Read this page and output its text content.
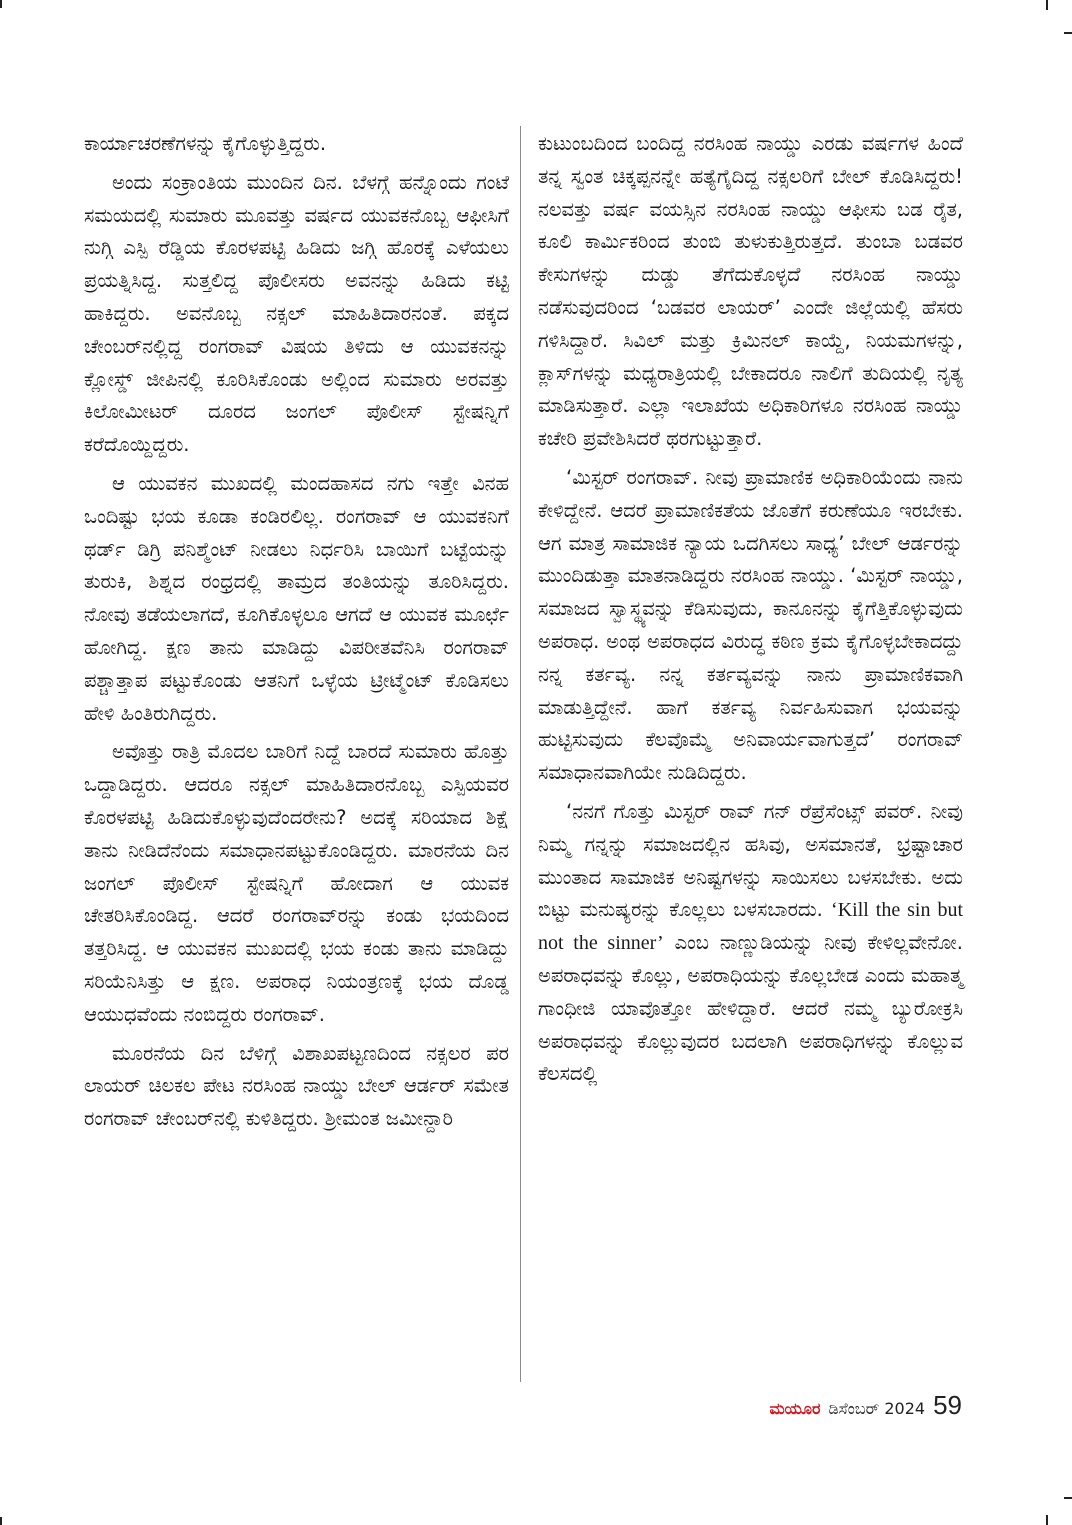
ಕಾರ್ಯಾಚರಣೆಗಳನ್ನು ಕೈಗೊಳ್ಳುತ್ತಿದ್ದರು.

ಅಂದು ಸಂಕ್ರಾಂತಿಯ ಮುಂದಿನ ದಿನ. ಬೆಳಗ್ಗೆ ಹನ್ನೊಂದು ಗಂಟೆ ಸಮಯದಲ್ಲಿ ಸುಮಾರು ಮೂವತ್ತು ವರ್ಷದ ಯುವಕನೊಬ್ಬ ಆಫೀಸಿಗೆ ನುಗ್ಗಿ ಎಸ್ಪಿ ರೆಡ್ಡಿಯ ಕೊರಳಪಟ್ಟಿ ಹಿಡಿದು ಜಗ್ಗಿ ಹೊರಕ್ಕೆ ಎಳೆಯಲು ಪ್ರಯತ್ನಿಸಿದ್ದ. ಸುತ್ತಲಿದ್ದ ಪೊಲೀಸರು ಅವನನ್ನು ಹಿಡಿದು ಕಟ್ಟಿ ಹಾಕಿದ್ದರು. ಅವನೊಬ್ಬ ನಕ್ಸಲ್ ಮಾಹಿತಿದಾರನಂತೆ. ಪಕ್ಕದ ಚೇಂಬರ್‌ನಲ್ಲಿದ್ದ ರಂಗರಾವ್ ವಿಷಯ ತಿಳಿದು ಆ ಯುವಕನನ್ನು ಕ್ಲೋಸ್ಡ್ ಜೀಪಿನಲ್ಲಿ ಕೂರಿಸಿಕೊಂಡು ಅಲ್ಲಿಂದ ಸುಮಾರು ಅರವತ್ತು ಕಿಲೋಮೀಟರ್ ದೂರದ ಜಂಗಲ್ ಪೊಲೀಸ್ ಸ್ಟೇಷನ್ನಿಗೆ ಕರೆದೊಯ್ದಿದ್ದರು.

ಆ ಯುವಕನ ಮುಖದಲ್ಲಿ ಮಂದಹಾಸದ ನಗು ಇತ್ತೇ ವಿನಹ ಒಂದಿಷ್ಟು ಭಯ ಕೂಡಾ ಕಂಡಿರಲಿಲ್ಲ. ರಂಗರಾವ್ ಆ ಯುವಕನಿಗೆ ಥರ್ಡ್ ಡಿಗ್ರಿ ಪನಿಶ್ಮೆಂಟ್ ನೀಡಲು ನಿರ್ಧರಿಸಿ ಬಾಯಿಗೆ ಬಟ್ಟೆಯನ್ನು ತುರುಕಿ, ಶಿಶ್ನದ ರಂಧ್ರದಲ್ಲಿ ತಾಮ್ರದ ತಂತಿಯನ್ನು ತೂರಿಸಿದ್ದರು. ನೋವು ತಡೆಯಲಾಗದೆ, ಕೂಗಿಕೊಳ್ಳಲೂ ಆಗದೆ ಆ ಯುವಕ ಮೂರ್ಛೆ ಹೋಗಿದ್ದ. ಕ್ಷಣ ತಾನು ಮಾಡಿದ್ದು ವಿಪರೀತವೆನಿಸಿ ರಂಗರಾವ್ ಪಶ್ಚಾತ್ತಾಪ ಪಟ್ಟುಕೊಂಡು ಆತನಿಗೆ ಒಳ್ಳೆಯ ಟ್ರೀಟ್ಮೆಂಟ್ ಕೊಡಿಸಲು ಹೇಳಿ ಹಿಂತಿರುಗಿದ್ದರು.

ಅವೊತ್ತು ರಾತ್ರಿ ಮೊದಲ ಬಾರಿಗೆ ನಿದ್ದೆ ಬಾರದೆ ಸುಮಾರು ಹೊತ್ತು ಒದ್ದಾಡಿದ್ದರು. ಆದರೂ ನಕ್ಸಲ್ ಮಾಹಿತಿದಾರನೊಬ್ಬ ಎಸ್ಪಿಯವರ ಕೊರಳಪಟ್ಟಿ ಹಿಡಿದುಕೊಳ್ಳುವುದೆಂದರೇನು? ಅದಕ್ಕೆ ಸರಿಯಾದ ಶಿಕ್ಷೆ ತಾನು ನೀಡಿದೆನೆಂದು ಸಮಾಧಾನಪಟ್ಟುಕೊಂಡಿದ್ದರು. ಮಾರನೆಯ ದಿನ ಜಂಗಲ್ ಪೊಲೀಸ್ ಸ್ಟೇಷನ್ನಿಗೆ ಹೋದಾಗ ಆ ಯುವಕ ಚೇತರಿಸಿಕೊಂಡಿದ್ದ. ಆದರೆ ರಂಗರಾವ್‌ರನ್ನು ಕಂಡು ಭಯದಿಂದ ತತ್ತರಿಸಿದ್ದ. ಆ ಯುವಕನ ಮುಖದಲ್ಲಿ ಭಯ ಕಂಡು ತಾನು ಮಾಡಿದ್ದು ಸರಿಯೆನಿಸಿತ್ತು ಆ ಕ್ಷಣ. ಅಪರಾಧ ನಿಯಂತ್ರಣಕ್ಕೆ ಭಯ ದೊಡ್ಡ ಆಯುಧವೆಂದು ನಂಬಿದ್ದರು ರಂಗರಾವ್.

ಮೂರನೆಯ ದಿನ ಬೆಳಿಗ್ಗೆ ವಿಶಾಖಪಟ್ಟಣದಿಂದ ನಕ್ಸಲರ ಪರ ಲಾಯರ್ ಚಿಲಕಲ ಪೇಟ ನರಸಿಂಹ ನಾಯ್ಡು ಬೇಲ್ ಆರ್ಡರ್ ಸಮೇತ ರಂಗರಾವ್ ಚೇಂಬರ್‌ನಲ್ಲಿ ಕುಳಿತಿದ್ದರು. ಶ್ರೀಮಂತ ಜಮೀನ್ದಾರಿ

ಕುಟುಂಬದಿಂದ ಬಂದಿದ್ದ ನರಸಿಂಹ ನಾಯ್ಡು ಎರಡು ವರ್ಷಗಳ ಹಿಂದೆ ತನ್ನ ಸ್ವಂತ ಚಿಕ್ಕಪ್ಪನನ್ನೇ ಹತ್ಯೆಗೈದಿದ್ದ ನಕ್ಸಲರಿಗೆ ಬೇಲ್ ಕೊಡಿಸಿದ್ದರು! ನಲವತ್ತು ವರ್ಷ ವಯಸ್ಸಿನ ನರಸಿಂಹ ನಾಯ್ಡು ಆಫೀಸು ಬಡ ರೈತ, ಕೂಲಿ ಕಾರ್ಮಿಕರಿಂದ ತುಂಬಿ ತುಳುಕುತ್ತಿರುತ್ತದೆ. ತುಂಬಾ ಬಡವರ ಕೇಸುಗಳನ್ನು ದುಡ್ಡು ತೆಗೆದುಕೊಳ್ಳದೆ ನರಸಿಂಹ ನಾಯ್ಡು ನಡೆಸುವುದರಿಂದ ‘ಬಡವರ ಲಾಯರ್’ ಎಂದೇ ಜಿಲ್ಲೆಯಲ್ಲಿ ಹೆಸರು ಗಳಿಸಿದ್ದಾರೆ. ಸಿವಿಲ್ ಮತ್ತು ಕ್ರಿಮಿನಲ್ ಕಾಯ್ದೆ, ನಿಯಮಗಳನ್ನು, ಕ್ಲಾಸ್‌ಗಳನ್ನು ಮಧ್ಯರಾತ್ರಿಯಲ್ಲಿ ಬೇಕಾದರೂ ನಾಲಿಗೆ ತುದಿಯಲ್ಲಿ ನೃತ್ಯ ಮಾಡಿಸುತ್ತಾರೆ. ಎಲ್ಲಾ ಇಲಾಖೆಯ ಅಧಿಕಾರಿಗಳೂ ನರಸಿಂಹ ನಾಯ್ಡು ಕಚೇರಿ ಪ್ರವೇಶಿಸಿದರೆ ಥರಗುಟ್ಟುತ್ತಾರೆ.

‘ಮಿಸ್ಟರ್ ರಂಗರಾವ್. ನೀವು ಪ್ರಾಮಾಣಿಕ ಅಧಿಕಾರಿಯೆಂದು ನಾನು ಕೇಳಿದ್ದೇನೆ. ಆದರೆ ಪ್ರಾಮಾಣಿಕತೆಯ ಜೊತೆಗೆ ಕರುಣೆಯೂ ಇರಬೇಕು. ಆಗ ಮಾತ್ರ ಸಾಮಾಜಿಕ ನ್ಯಾಯ ಒದಗಿಸಲು ಸಾಧ್ಯ’ ಬೇಲ್ ಆರ್ಡರನ್ನು ಮುಂದಿಡುತ್ತಾ ಮಾತನಾಡಿದ್ದರು ನರಸಿಂಹ ನಾಯ್ಡು. ‘ಮಿಸ್ಟರ್ ನಾಯ್ಡು, ಸಮಾಜದ ಸ್ವಾಸ್ಥ್ಯವನ್ನು ಕೆಡಿಸುವುದು, ಕಾನೂನನ್ನು ಕೈಗೆತ್ತಿಕೊಳ್ಳುವುದು ಅಪರಾಧ. ಅಂಥ ಅಪರಾಧದ ವಿರುದ್ಧ ಕಠಿಣ ಕ್ರಮ ಕೈಗೊಳ್ಳಬೇಕಾದದ್ದು ನನ್ನ ಕರ್ತವ್ಯ. ನನ್ನ ಕರ್ತವ್ಯವನ್ನು ನಾನು ಪ್ರಾಮಾಣಿಕವಾಗಿ ಮಾಡುತ್ತಿದ್ದೇನೆ. ಹಾಗೆ ಕರ್ತವ್ಯ ನಿರ್ವಹಿಸುವಾಗ ಭಯವನ್ನು ಹುಟ್ಟಿಸುವುದು ಕೆಲವೊಮ್ಮೆ ಅನಿವಾರ್ಯವಾಗುತ್ತದೆ’ ರಂಗರಾವ್ ಸಮಾಧಾನವಾಗಿಯೇ ನುಡಿದಿದ್ದರು.

‘ನನಗೆ ಗೊತ್ತು ಮಿಸ್ಟರ್ ರಾವ್ ಗನ್ ರೆಪ್ರೆಸೆಂಟ್ಸ್ ಪವರ್. ನೀವು ನಿಮ್ಮ ಗನ್ನನ್ನು ಸಮಾಜದಲ್ಲಿನ ಹಸಿವು, ಅಸಮಾನತೆ, ಭ್ರಷ್ಟಾಚಾರ ಮುಂತಾದ ಸಾಮಾಜಿಕ ಅನಿಷ್ಟಗಳನ್ನು ಸಾಯಿಸಲು ಬಳಸಬೇಕು. ಅದು ಬಿಟ್ಟು ಮನುಷ್ಯರನ್ನು ಕೊಲ್ಲಲು ಬಳಸಬಾರದು. ‘Kill the sin but not the sinner’ ಎಂಬ ನಾಣ್ಣುಡಿಯನ್ನು ನೀವು ಕೇಳಿಲ್ಲವೇನೋ. ಅಪರಾಧವನ್ನು ಕೊಲ್ಲು, ಅಪರಾಧಿಯನ್ನು ಕೊಲ್ಲಬೇಡ ಎಂದು ಮಹಾತ್ಮ ಗಾಂಧೀಜಿ ಯಾವೊತ್ತೋ ಹೇಳಿದ್ದಾರೆ. ಆದರೆ ನಮ್ಮ ಬ್ಯುರೋಕ್ರಸಿ ಅಪರಾಧವನ್ನು ಕೊಲ್ಲುವುದರ ಬದಲಾಗಿ ಅಪರಾಧಿಗಳನ್ನು ಕೊಲ್ಲುವ ಕೆಲಸದಲ್ಲಿ

ಮಯೂರ ಡಿಸೆಂಬರ್ 2024 59
